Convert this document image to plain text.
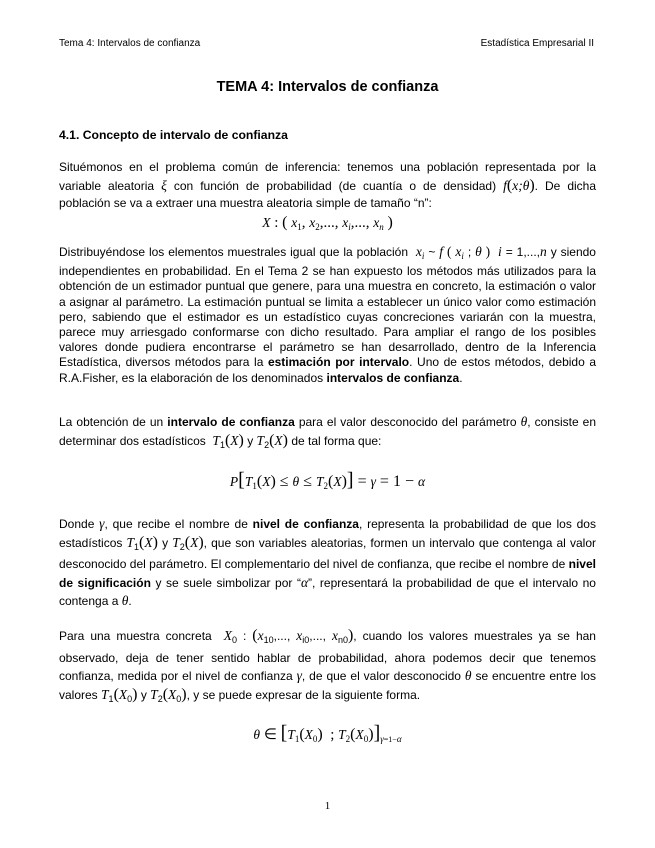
Tema 4: Intervalos de confianza	Estadística Empresarial II
TEMA 4: Intervalos de confianza
4.1. Concepto de intervalo de confianza

Situémonos en el problema común de inferencia: tenemos una población representada por la variable aleatoria ξ con función de probabilidad (de cuantía o de densidad) f(x;θ). De dicha población se va a extraer una muestra aleatoria simple de tamaño “n”:

X : ( $x_1$, $x_2$,..., $x_i$,..., $x_n$ )

Distribuyéndose los elementos muestrales igual que la población $x_i$ ~ f ( $x_i$ ; θ ) i = 1,...,n y siendo independientes en probabilidad. En el Tema 2 se han expuesto los métodos más utilizados para la obtención de un estimador puntual que genere, para una muestra en concreto, la estimación o valor a asignar al parámetro. La estimación puntual se limita a establecer un único valor como estimación pero, sabiendo que el estimador es un estadístico cuyas concreciones variarán con la muestra, parece muy arriesgado conformarse con dicho resultado. Para ampliar el rango de los posibles valores donde pudiera encontrarse el parámetro se han desarrollado, dentro de la Inferencia Estadística, diversos métodos para la estimación por intervalo. Uno de estos métodos, debido a R.A.Fisher, es la elaboración de los denominados intervalos de confianza.

La obtención de un intervalo de confianza para el valor desconocido del parámetro θ, consiste en determinar dos estadísticos $T_1(X)$ y $T_2(X)$ de tal forma que:

$P[T_1(X) \le \theta \le T_2(X)] = \gamma = 1 - \alpha$

Donde γ, que recibe el nombre de nivel de confianza, representa la probabilidad de que los dos estadísticos $T_1(X)$ y $T_2(X)$, que son variables aleatorias, formen un intervalo que contenga al valor desconocido del parámetro. El complementario del nivel de confianza, que recibe el nombre de nivel de significación y se suele simbolizar por “α”, representará la probabilidad de que el intervalo no contenga a θ.

Para una muestra concreta $X_0$ : ($x_{10}$,..., $x_{i0}$,..., $x_{n0}$), cuando los valores muestrales ya se han observado, deja de tener sentido hablar de probabilidad, ahora podemos decir que tenemos confianza, medida por el nivel de confianza γ, de que el valor desconocido θ se encuentre entre los valores $T_1(X_0)$ y $T_2(X_0)$, y se puede expresar de la siguiente forma.

θ ∈ [$T_1(X_0)$  ; $T_2(X_0)]_{\gamma=1-\alpha}$
1
